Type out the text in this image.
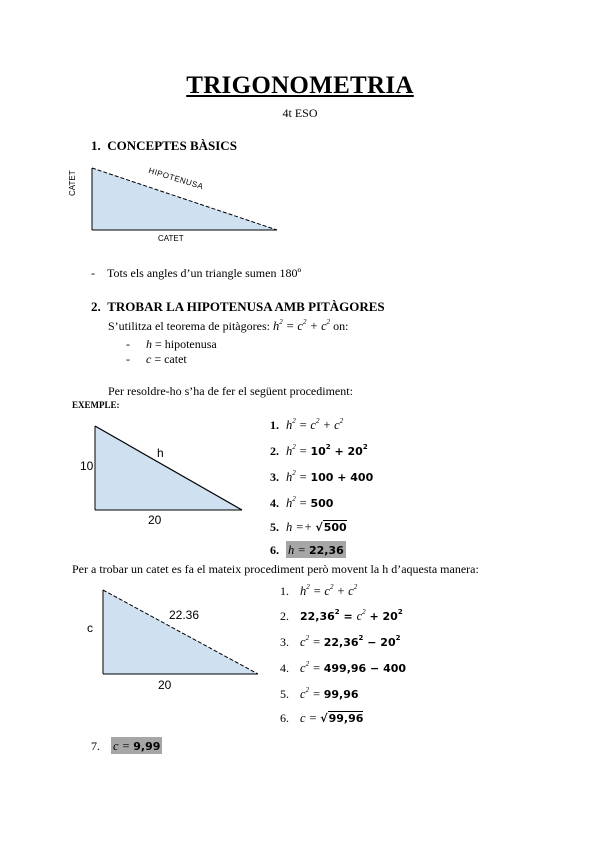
TRIGONOMETRIA
4t ESO
1. CONCEPTES BÀSICS
CATET	HIPOTENUSA
CATET
- Tots els angles d’un triangle sumen 180º
2. TROBAR LA HIPOTENUSA AMB PITÀGORES
S’utilitza el teorema de pitàgores: $h^2 = c^2 + c^2$ on:
- h = hipotenusa
- c = catet
Per resoldre-ho s’ha de fer el següent procediment:
EXEMPLE:
10
20
h
1. $h^2 = c^2 + c^2$
2. $h^2 = 10^2 + 20^2$
3. $h^2 = 100 + 400$
4. $h^2 = 500$
5. h =+ √500
6. h = 22,36
Per a trobar un catet es fa el mateix procediment però movent la h d’aquesta manera:
c
20
22.36
1. $h^2 = c^2 + c^2$
2. $22,36^2 = c^2 + 20^2$
3. $c^2 = 22,36^2 - 20^2$
4. $c^2 = 499,96 - 400$
5. $c^2 = 99,96$
6. c = √99,96
7. c = 9,99
